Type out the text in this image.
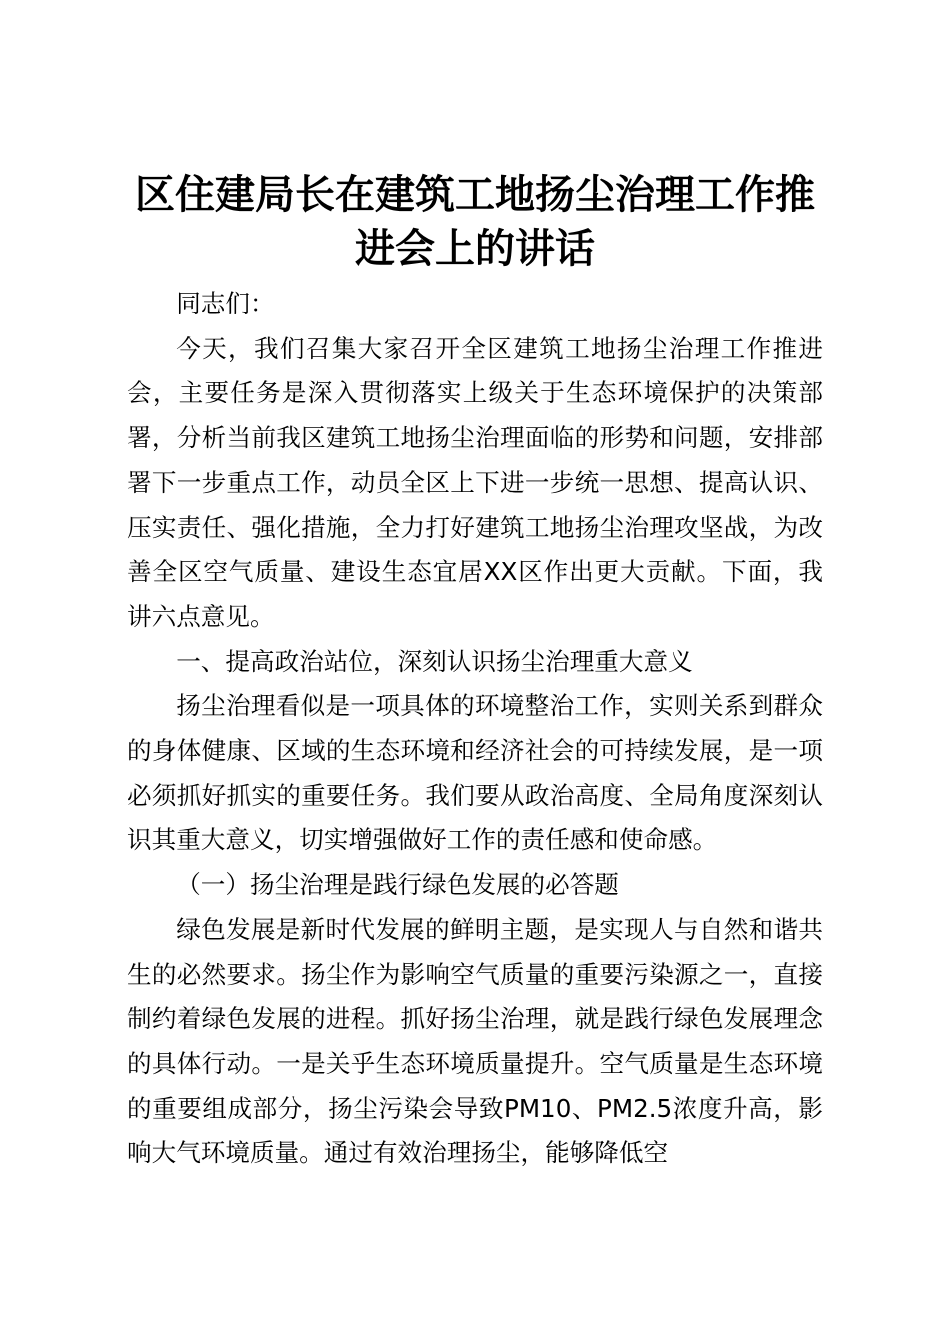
区住建局长在建筑工地扬尘治理工作推进会上的讲话

同志们：

今天，我们召集大家召开全区建筑工地扬尘治理工作推进会，主要任务是深入贯彻落实上级关于生态环境保护的决策部署，分析当前我区建筑工地扬尘治理面临的形势和问题，安排部署下一步重点工作，动员全区上下进一步统一思想、提高认识、压实责任、强化措施，全力打好建筑工地扬尘治理攻坚战，为改善全区空气质量、建设生态宜居XX区作出更大贡献。下面，我讲六点意见。

一、提高政治站位，深刻认识扬尘治理重大意义

扬尘治理看似是一项具体的环境整治工作，实则关系到群众的身体健康、区域的生态环境和经济社会的可持续发展，是一项必须抓好抓实的重要任务。我们要从政治高度、全局角度深刻认识其重大意义，切实增强做好工作的责任感和使命感。

（一）扬尘治理是践行绿色发展的必答题

绿色发展是新时代发展的鲜明主题，是实现人与自然和谐共生的必然要求。扬尘作为影响空气质量的重要污染源之一，直接制约着绿色发展的进程。抓好扬尘治理，就是践行绿色发展理念的具体行动。一是关乎生态环境质量提升。空气质量是生态环境的重要组成部分，扬尘污染会导致PM10、PM2.5浓度升高，影响大气环境质量。通过有效治理扬尘，能够降低空
